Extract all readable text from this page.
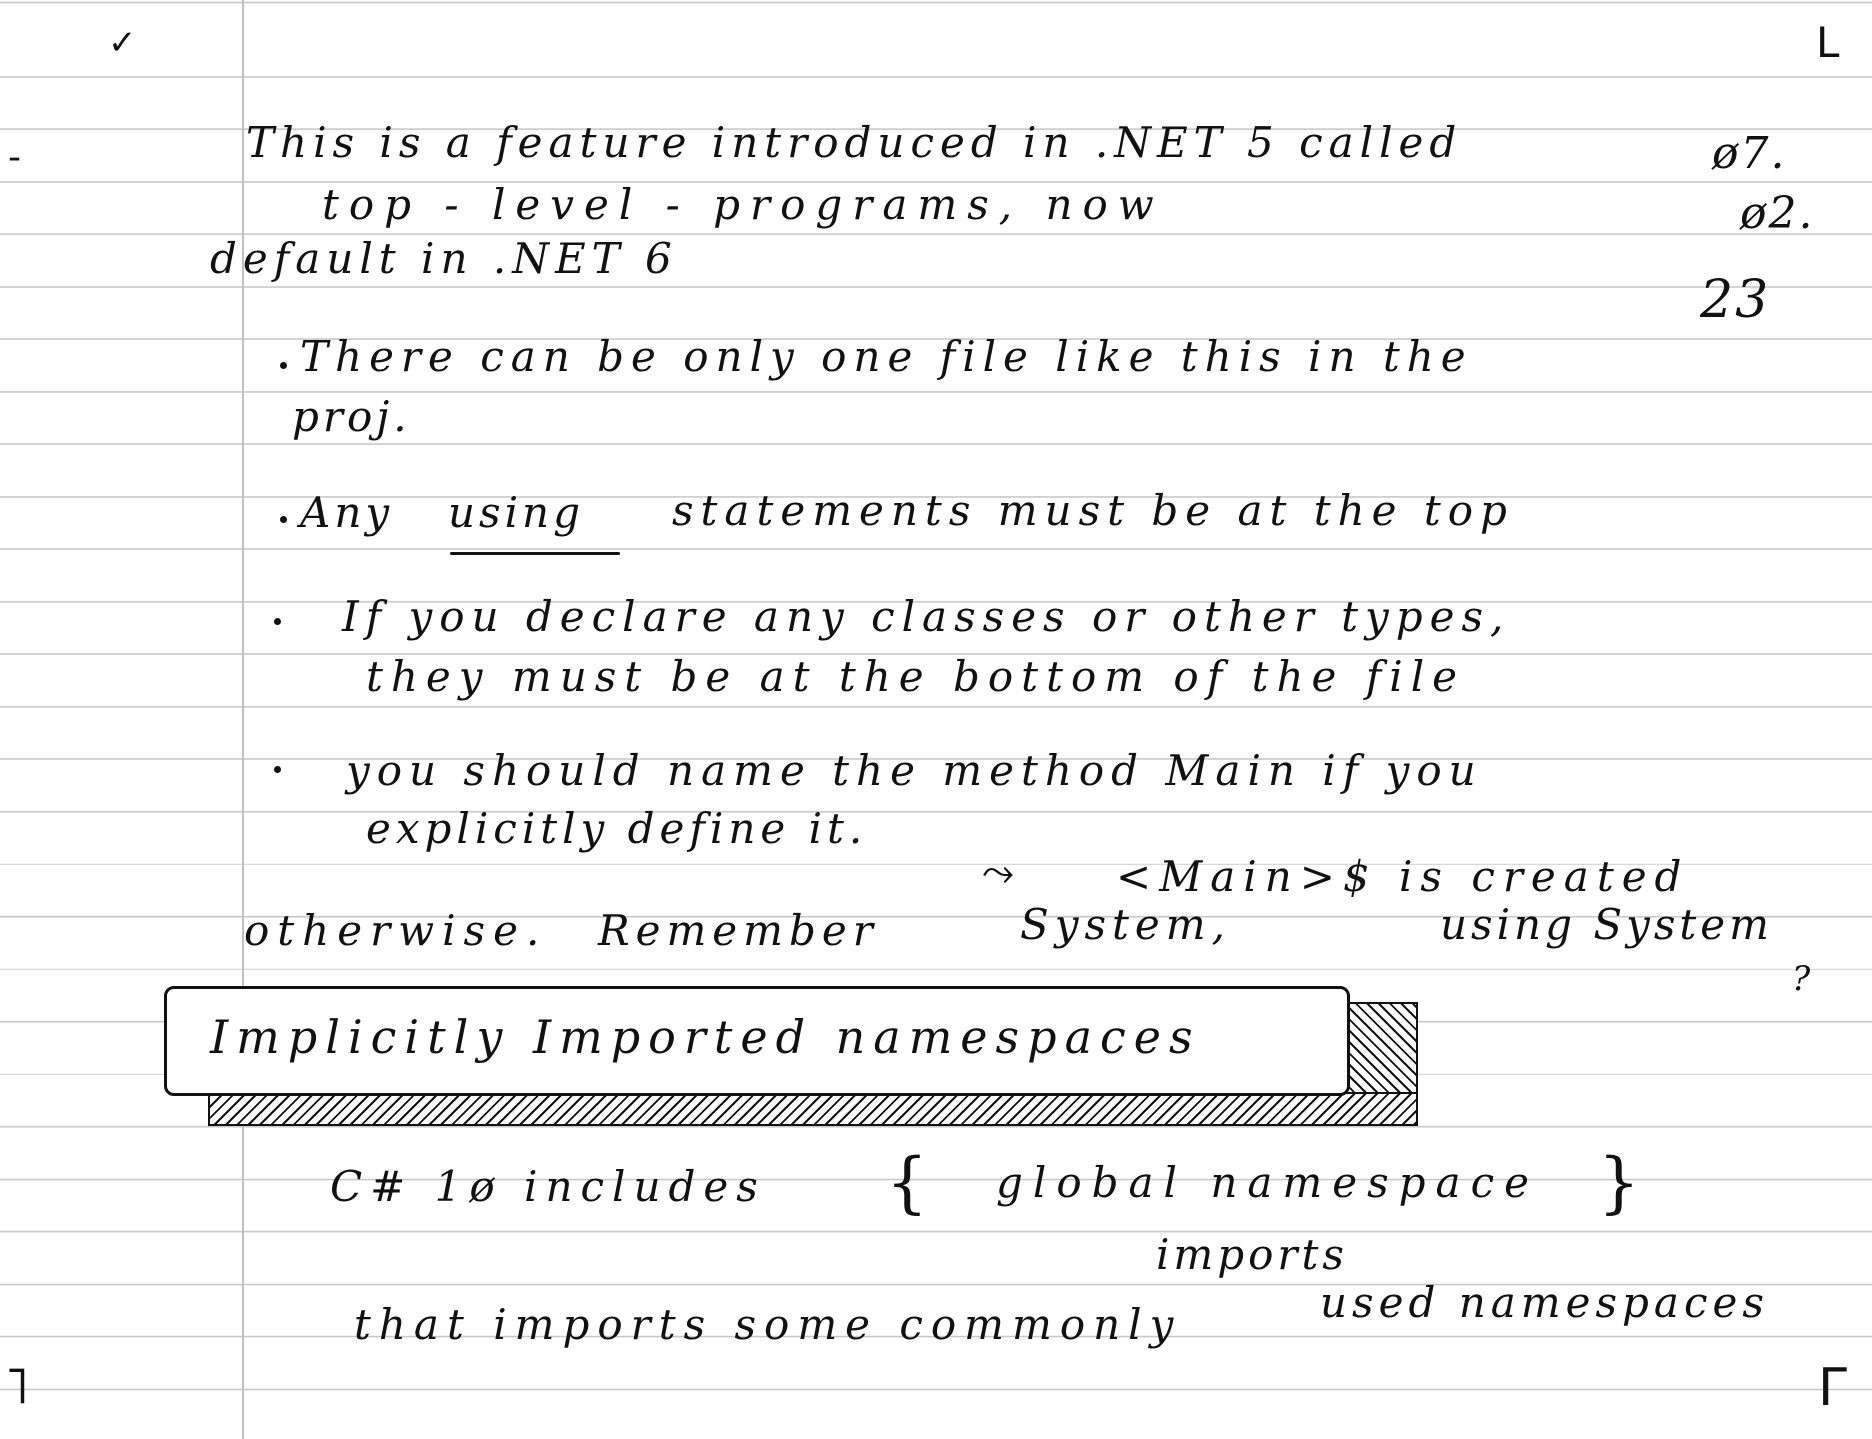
✓	L
˥	Γ
-	ø7.
ø2.
23
This is a feature introduced in .NET 5 called
top - level - programs, now
default in .NET 6
There can be only one file like this in the
proj.
Any using statements must be at the top
If you declare any classes or other types,
they must be at the bottom of the file
you should name the method Main if you
explicitly define it.
⤳ <Main>$ is created
otherwise. Remember	System,	using System
?
Implicitly Imported namespaces
C# 1ø includes { global namespace }
imports
that imports some commonly	used namespaces
